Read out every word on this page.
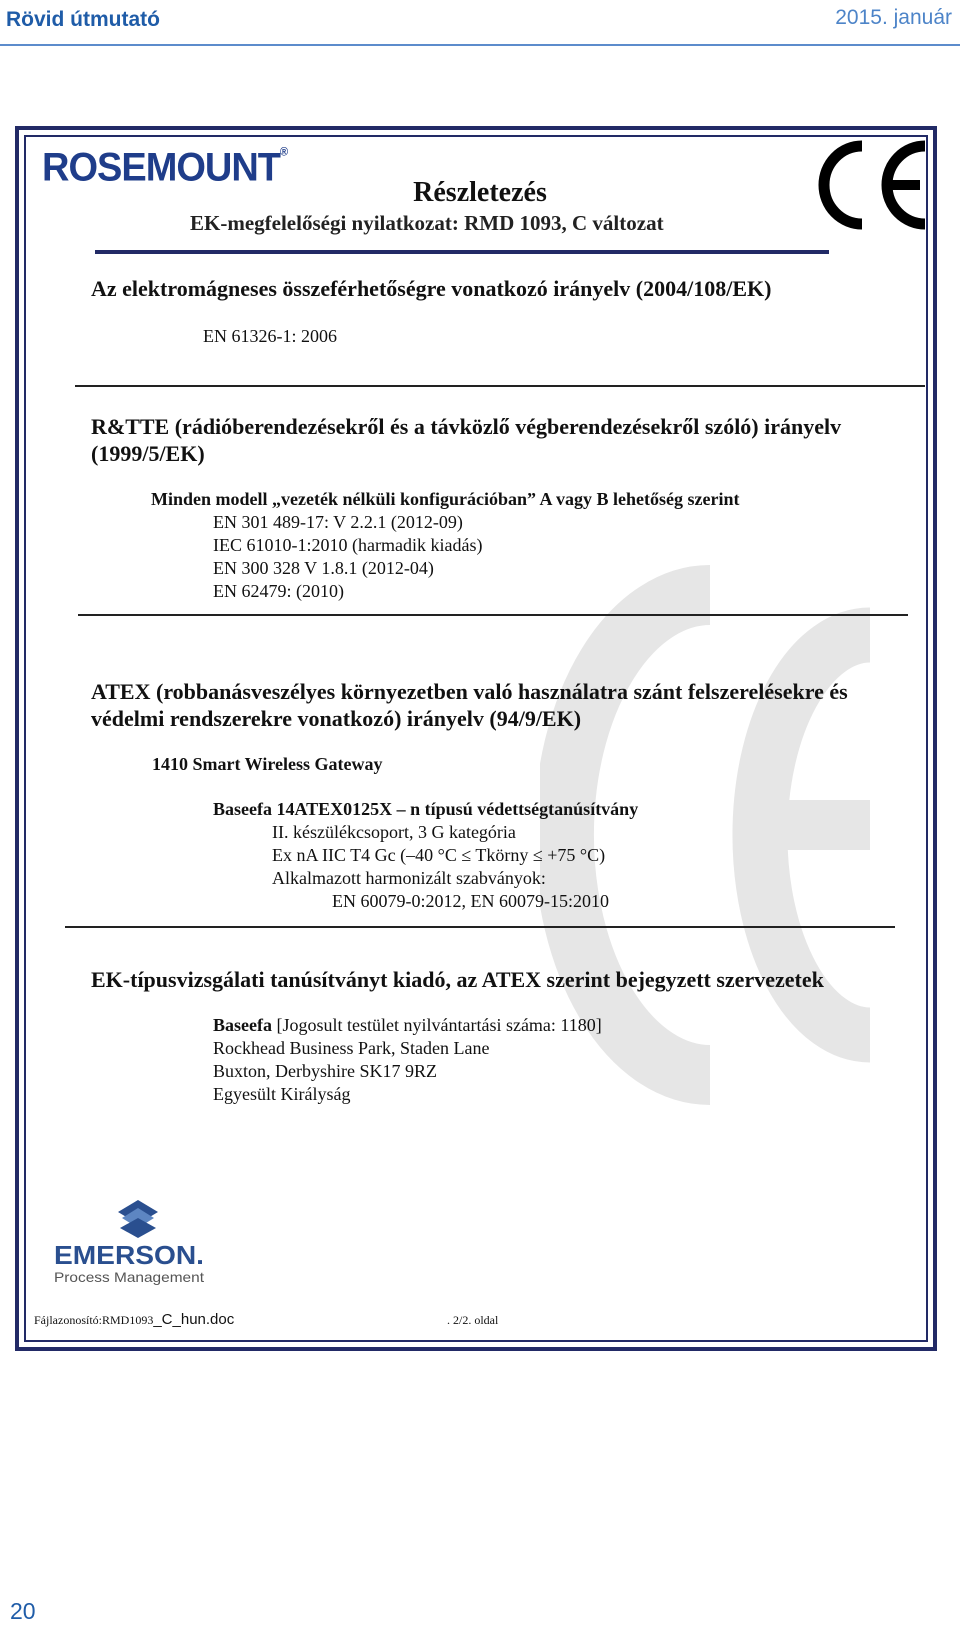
Rövid útmutató	2015. január
ROSEMOUNT®
Részletezés
EK-megfelelőségi nyilatkozat: RMD 1093, C változat
Az elektromágneses összeférhetőségre vonatkozó irányelv (2004/108/EK)
EN 61326-1: 2006
R&TTE (rádióberendezésekről és a távközlő végberendezésekről szóló) irányelv
(1999/5/EK)
Minden modell „vezeték nélküli konfigurációban” A vagy B lehetőség szerint
EN 301 489-17: V 2.2.1 (2012-09)
IEC 61010-1:2010 (harmadik kiadás)
EN 300 328 V 1.8.1 (2012-04)
EN 62479: (2010)
ATEX (robbanásveszélyes környezetben való használatra szánt felszerelésekre és
védelmi rendszerekre vonatkozó) irányelv (94/9/EK)
1410 Smart Wireless Gateway
Baseefa 14ATEX0125X – n típusú védettségtanúsítvány
II. készülékcsoport, 3 G kategória
Ex nA IIC T4 Gc (–40 °C ≤ Tkörny ≤ +75 °C)
Alkalmazott harmonizált szabványok:
EN 60079-0:2012, EN 60079-15:2010
EK-típusvizsgálati tanúsítványt kiadó, az ATEX szerint bejegyzett szervezetek
Baseefa [Jogosult testület nyilvántartási száma: 1180]
Rockhead Business Park, Staden Lane
Buxton, Derbyshire SK17 9RZ
Egyesült Királyság
EMERSON.
Process Management
Fájlazonosító:RMD1093_C_hun.doc	. 2/2. oldal
20
